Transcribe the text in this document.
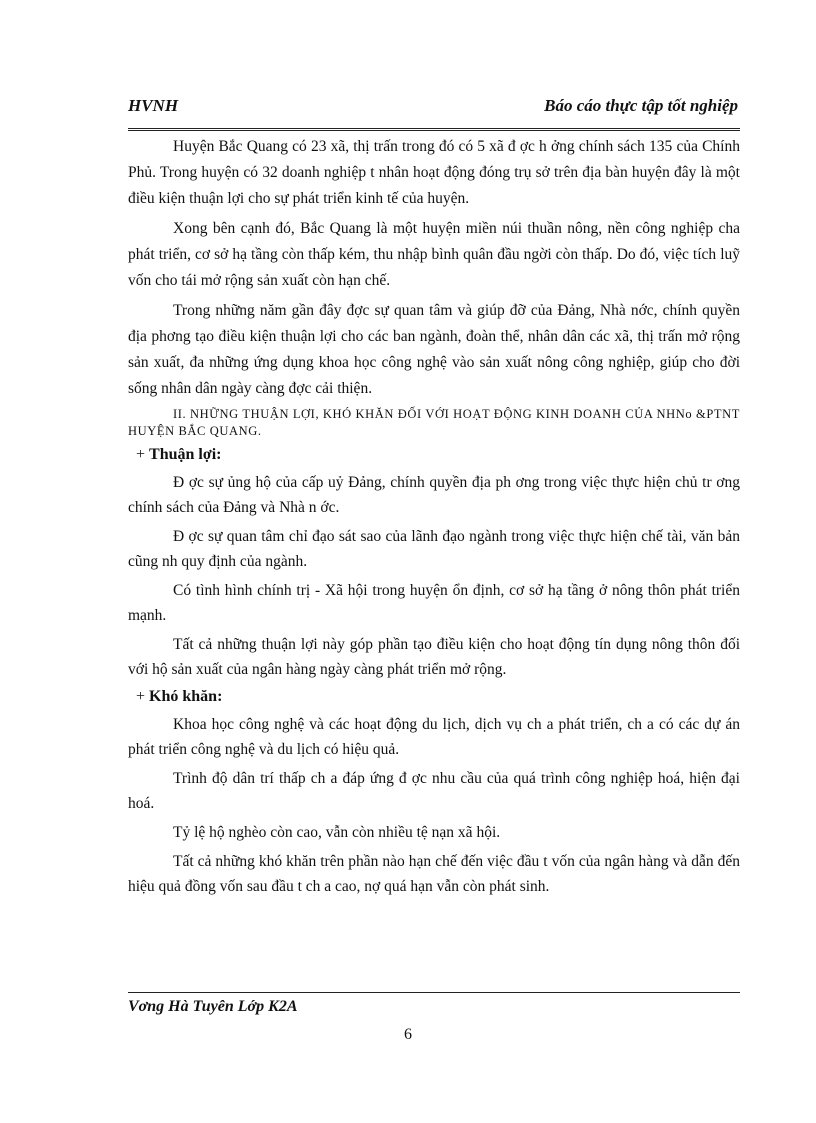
HVNH	Báo cáo thực tập tốt nghiệp

Huyện Bắc Quang có 23 xã, thị trấn trong đó có 5 xã đ ợc h ởng chính sách 135 của Chính Phủ. Trong huyện có 32 doanh nghiệp t nhân hoạt động đóng trụ sở trên địa bàn huyện đây là một điều kiện thuận lợi cho sự phát triển kinh tế của huyện.

Xong bên cạnh đó, Bắc Quang là một huyện miền núi thuần nông, nền công nghiệp cha phát triển, cơ sở hạ tầng còn thấp kém, thu nhập bình quân đầu ngời còn thấp. Do đó, việc tích luỹ vốn cho tái mở rộng sản xuất còn hạn chế.

Trong những năm gần đây đợc sự quan tâm và giúp đỡ của Đảng, Nhà nớc, chính quyền địa phơng tạo điều kiện thuận lợi cho các ban ngành, đoàn thể, nhân dân các xã, thị trấn mở rộng sản xuất, đa những ứng dụng khoa học công nghệ vào sản xuất nông công nghiệp, giúp cho đời sống nhân dân ngày càng đợc cải thiện.

II. NHỮNG THUẬN LỢI, KHÓ KHĂN ĐỐI VỚI HOẠT ĐỘNG KINH DOANH CỦA NHNo &PTNT HUYỆN BẮC QUANG.

+ Thuận lợi:

Đ ợc sự ủng hộ của cấp uỷ Đảng, chính quyền địa ph ơng trong việc thực hiện chủ tr ơng chính sách của Đảng và Nhà n ớc.

Đ ợc sự quan tâm chỉ đạo sát sao của lãnh đạo ngành trong việc thực hiện chế tài, văn bản cũng nh quy định của ngành.

Có tình hình chính trị - Xã hội trong huyện ổn định, cơ sở hạ tầng ở nông thôn phát triển mạnh.

Tất cả những thuận lợi này góp phần tạo điều kiện cho hoạt động tín dụng nông thôn đối với hộ sản xuất của ngân hàng ngày càng phát triển mở rộng.

+ Khó khăn:

Khoa học công nghệ và các hoạt động du lịch, dịch vụ ch a phát triển, ch a có các dự án phát triển công nghệ và du lịch có hiệu quả.

Trình độ dân trí thấp ch a đáp ứng đ ợc nhu cầu của quá trình công nghiệp hoá, hiện đại hoá.

Tỷ lệ hộ nghèo còn cao, vẫn còn nhiều tệ nạn xã hội.

Tất cả những khó khăn trên phần nào hạn chế đến việc đầu t vốn của ngân hàng và dẫn đến hiệu quả đồng vốn sau đầu t ch a cao, nợ quá hạn vẫn còn phát sinh.

Vơng Hà Tuyên Lớp K2A
6
